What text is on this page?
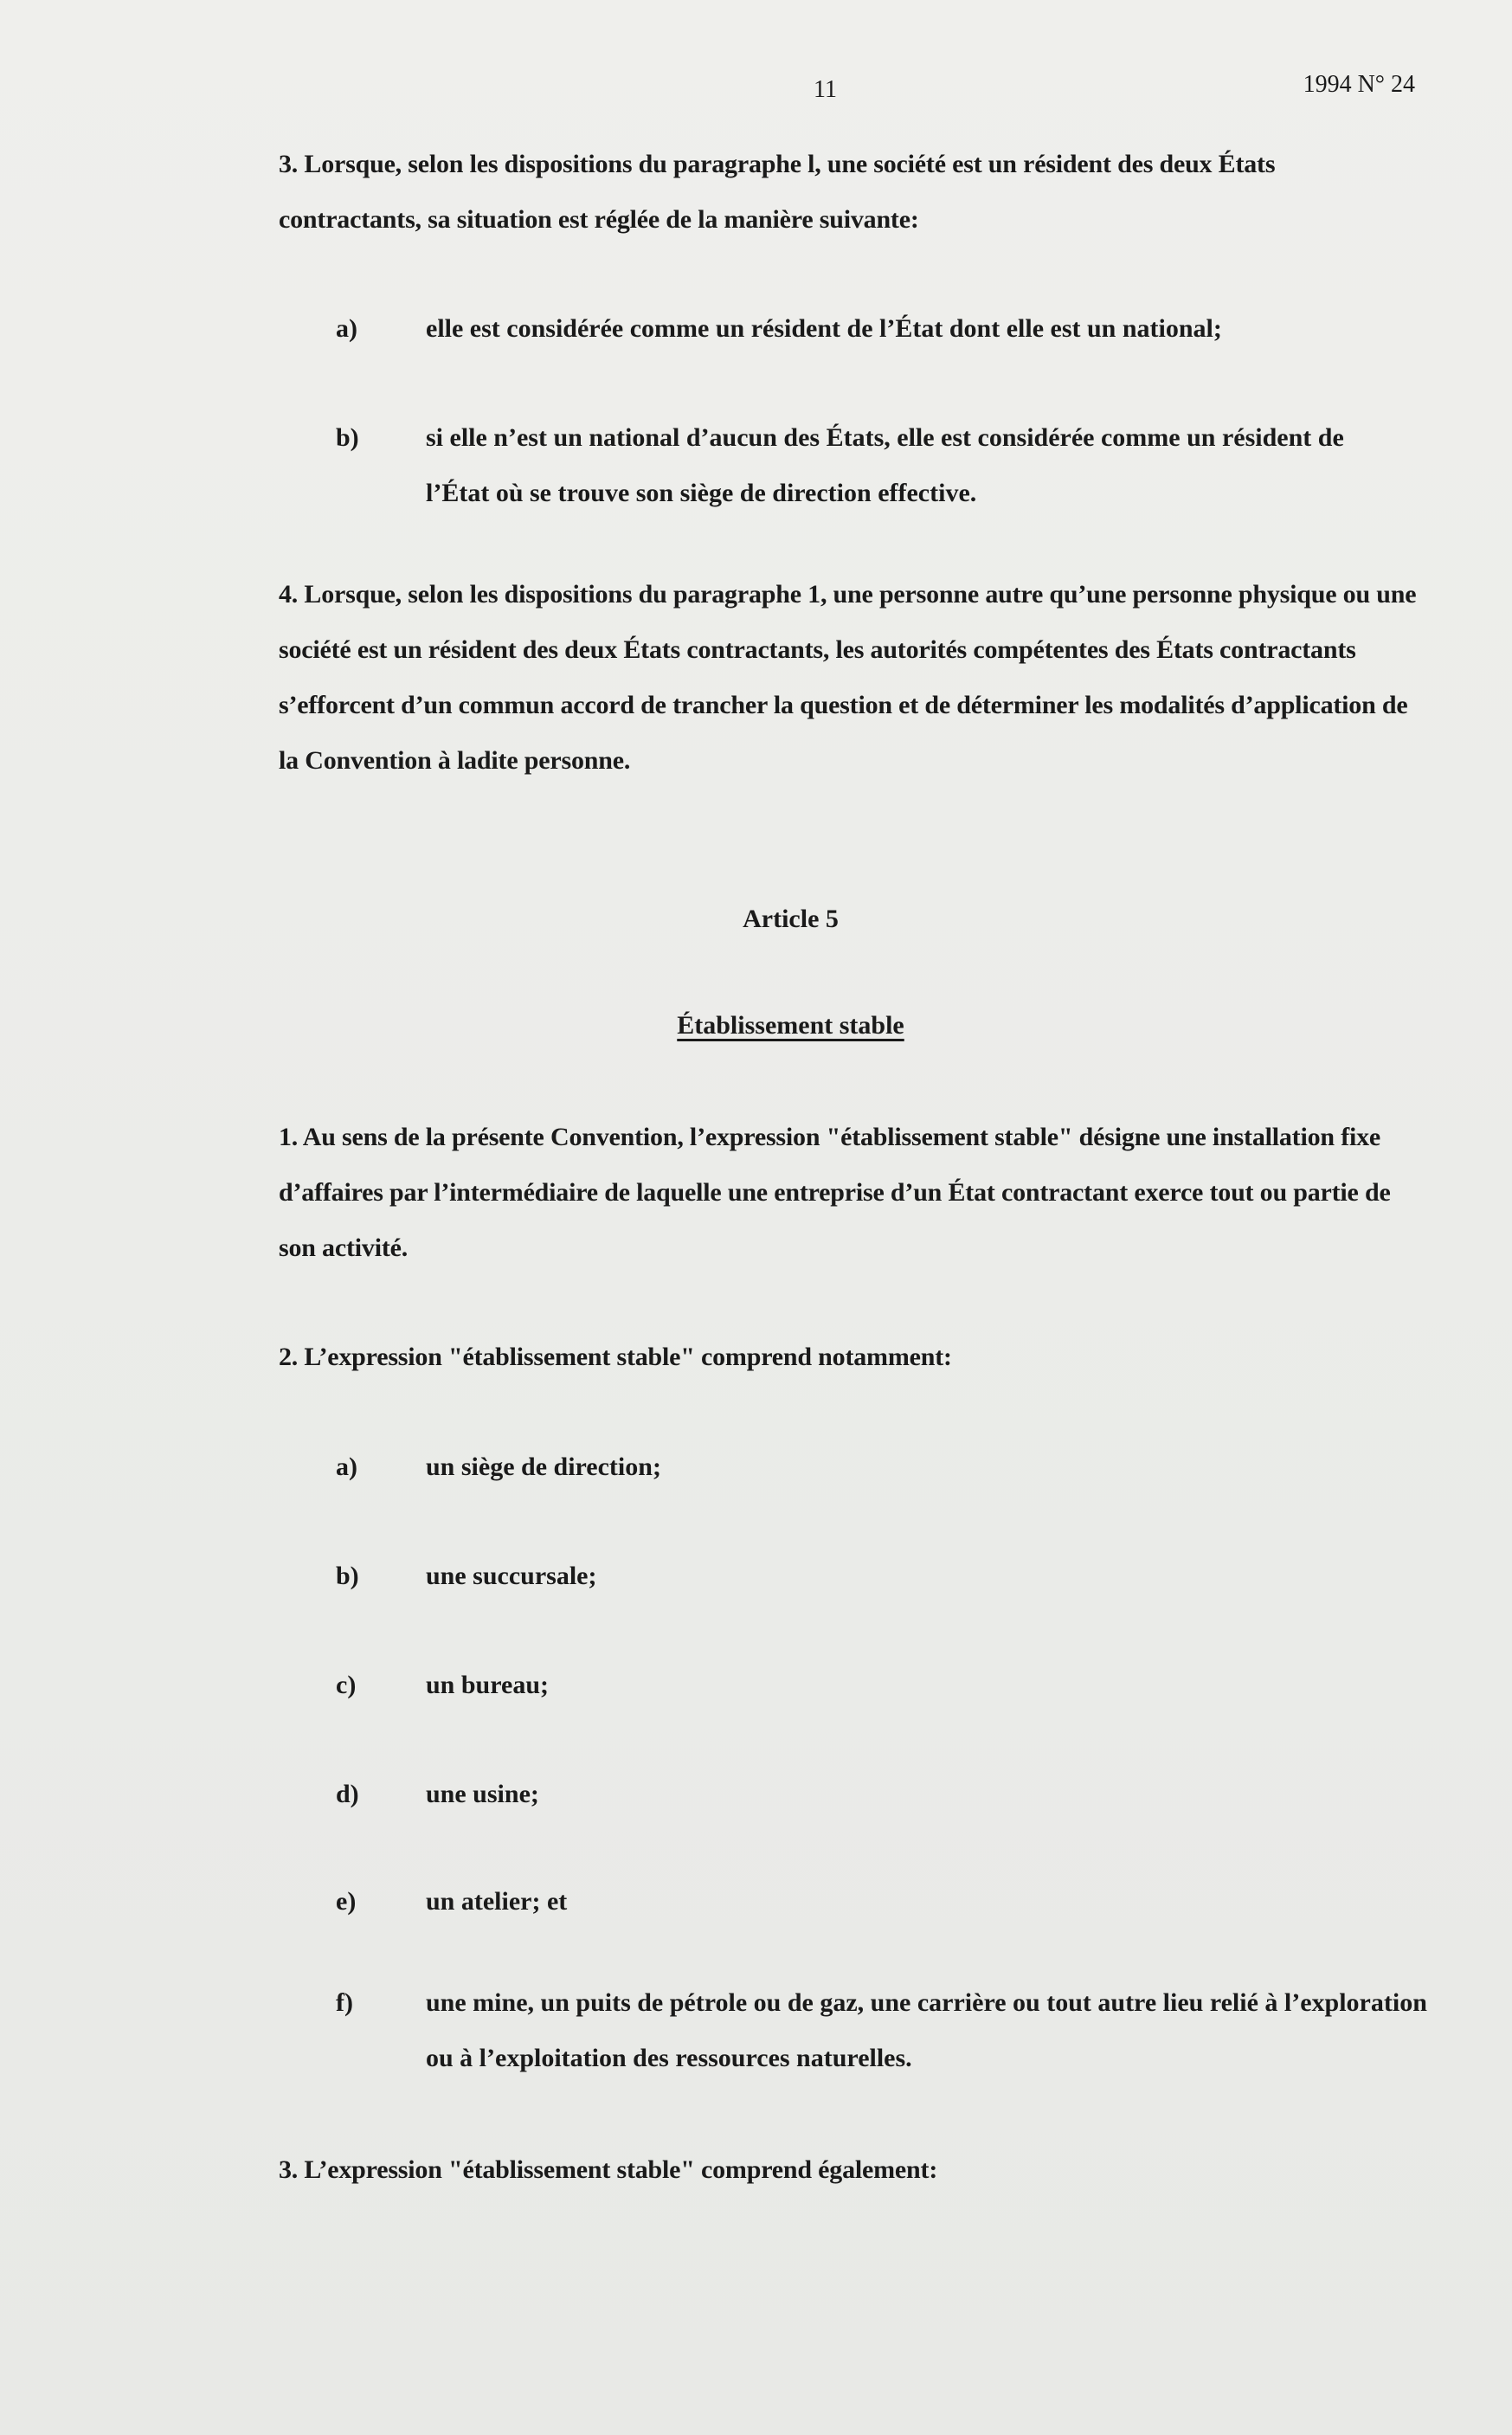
11	1994 N° 24
3. Lorsque, selon les dispositions du paragraphe l, une société est un résident des deux États contractants, sa situation est réglée de la manière suivante:
a)	elle est considérée comme un résident de l’État dont elle est un national;
b)	si elle n’est un national d’aucun des États, elle est considérée comme un résident de l’État où se trouve son siège de direction effective.
4. Lorsque, selon les dispositions du paragraphe 1, une personne autre qu’une personne physique ou une société est un résident des deux États contractants, les autorités compétentes des États contractants s’efforcent d’un commun accord de trancher la question et de déterminer les modalités d’application de la Convention à ladite personne.
Article 5
Établissement stable
1. Au sens de la présente Convention, l’expression "établissement stable" désigne une installation fixe d’affaires par l’intermédiaire de laquelle une entreprise d’un État contractant exerce tout ou partie de son activité.
2. L’expression "établissement stable" comprend notamment:
a)	un siège de direction;
b)	une succursale;
c)	un bureau;
d)	une usine;
e)	un atelier; et
f)	une mine, un puits de pétrole ou de gaz, une carrière ou tout autre lieu relié à l’exploration ou à l’exploitation des ressources naturelles.
3. L’expression "établissement stable" comprend également:
